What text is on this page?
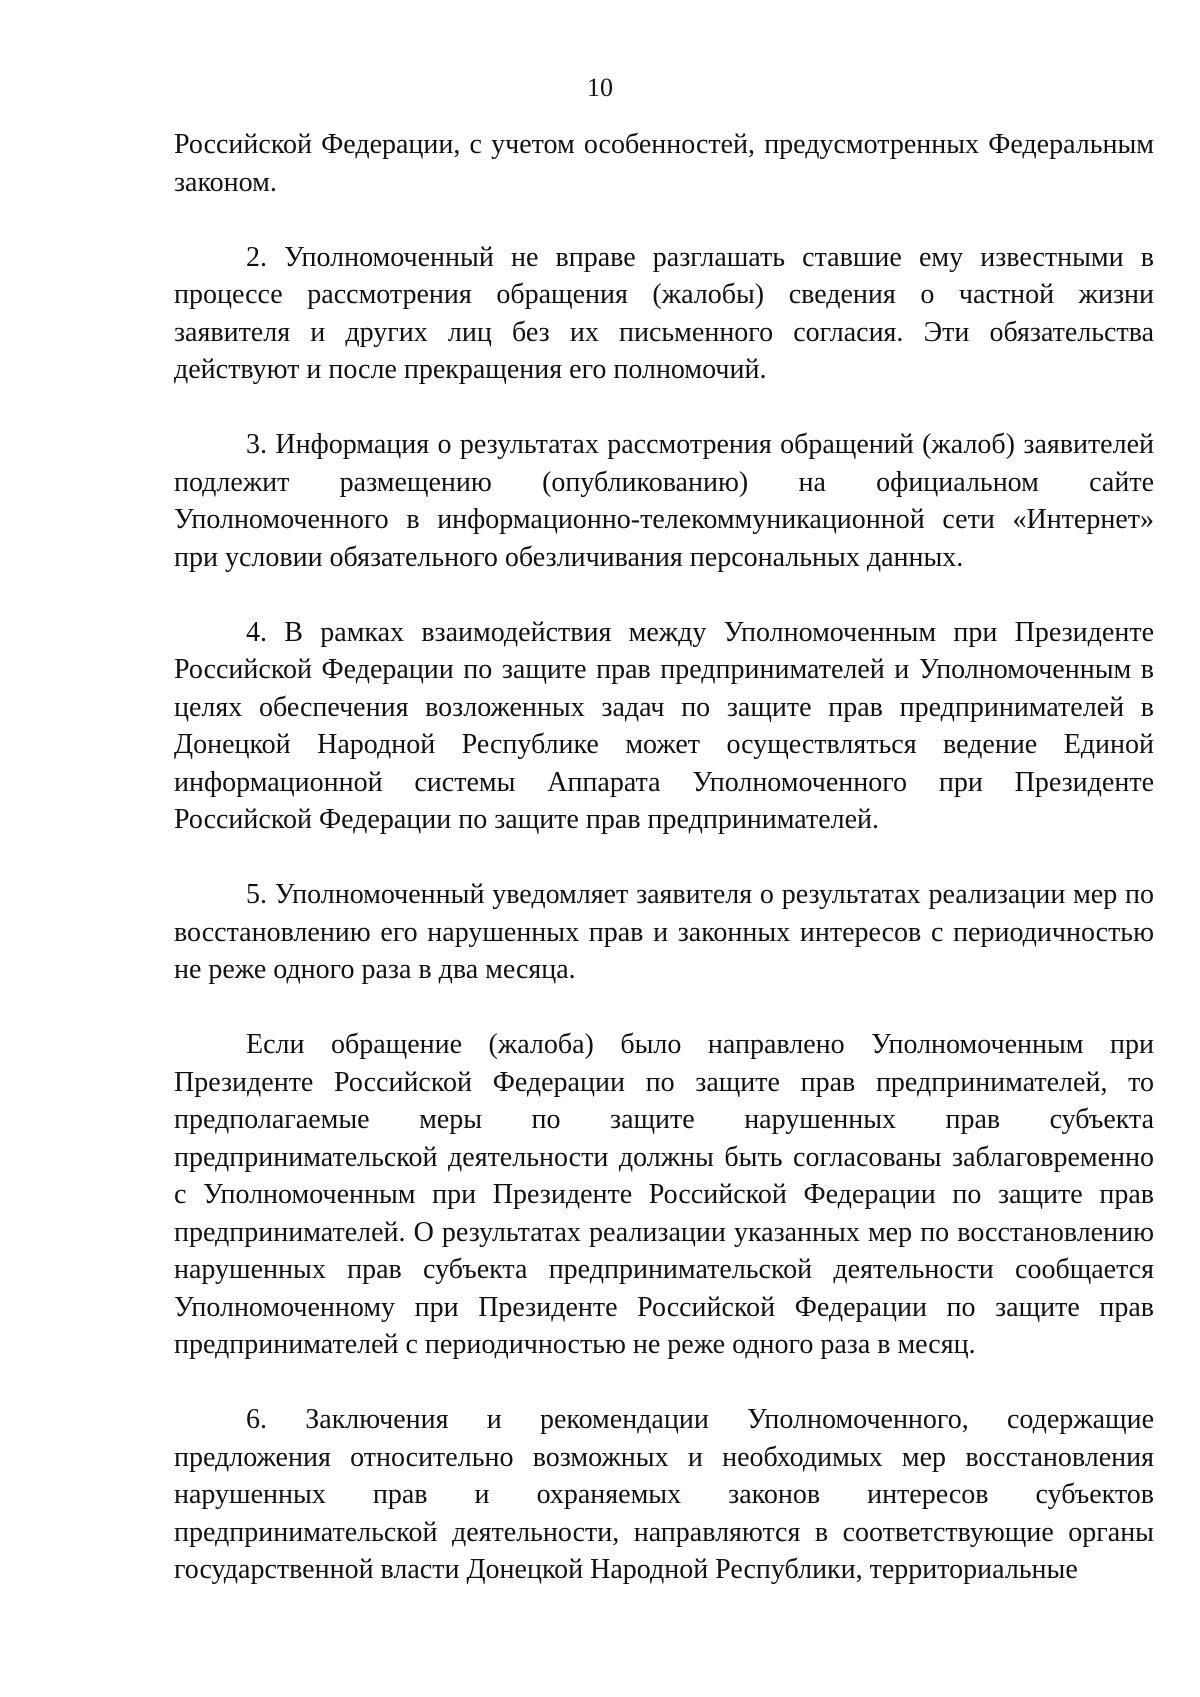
10

Российской Федерации, с учетом особенностей, предусмотренных Федеральным законом.

2. Уполномоченный не вправе разглашать ставшие ему известными в процессе рассмотрения обращения (жалобы) сведения о частной жизни заявителя и других лиц без их письменного согласия. Эти обязательства действуют и после прекращения его полномочий.

3. Информация о результатах рассмотрения обращений (жалоб) заявителей подлежит размещению (опубликованию) на официальном сайте Уполномоченного в информационно-телекоммуникационной сети «Интернет» при условии обязательного обезличивания персональных данных.

4. В рамках взаимодействия между Уполномоченным при Президенте Российской Федерации по защите прав предпринимателей и Уполномоченным в целях обеспечения возложенных задач по защите прав предпринимателей в Донецкой Народной Республике может осуществляться ведение Единой информационной системы Аппарата Уполномоченного при Президенте Российской Федерации по защите прав предпринимателей.

5. Уполномоченный уведомляет заявителя о результатах реализации мер по восстановлению его нарушенных прав и законных интересов с периодичностью не реже одного раза в два месяца.

Если обращение (жалоба) было направлено Уполномоченным при Президенте Российской Федерации по защите прав предпринимателей, то предполагаемые меры по защите нарушенных прав субъекта предпринимательской деятельности должны быть согласованы заблаговременно с Уполномоченным при Президенте Российской Федерации по защите прав предпринимателей. О результатах реализации указанных мер по восстановлению нарушенных прав субъекта предпринимательской деятельности сообщается Уполномоченному при Президенте Российской Федерации по защите прав предпринимателей с периодичностью не реже одного раза в месяц.

6. Заключения и рекомендации Уполномоченного, содержащие предложения относительно возможных и необходимых мер восстановления нарушенных прав и охраняемых законов интересов субъектов предпринимательской деятельности, направляются в соответствующие органы государственной власти Донецкой Народной Республики, территориальные
